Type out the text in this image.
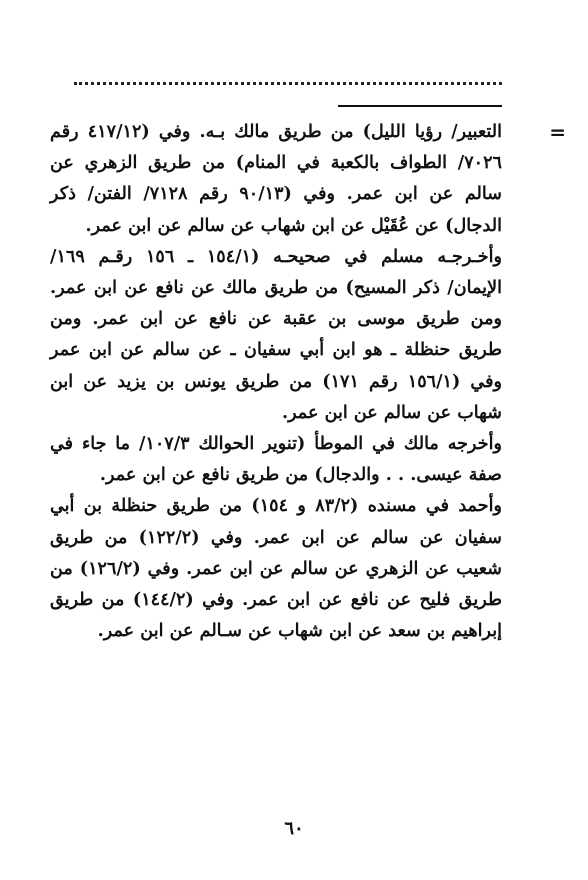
=

التعبير/ رؤيا الليل) من طريق مالك بـه. وفي (٤١٧/١٢ رقم ٧٠٢٦/ الطواف بالكعبة في المنام) من طريق الزهري عن سالم عن ابن عمر. وفي (٩٠/١٣ رقم ٧١٢٨/ الفتن/ ذكر الدجال) عن عُقَيْل عن ابن شهاب عن سالم عن ابن عمر.

وأخـرجـه مسلم في صحيحـه (١٥٤/١ ـ ١٥٦ رقـم ١٦٩/ الإيمان/ ذكر المسيح) من طريق مالك عن نافع عن ابن عمر. ومن طريق موسى بن عقبة عن نافع عن ابن عمر. ومن طريق حنظلة ـ هو ابن أبي سفيان ـ عن سالم عن ابن عمر وفي (١٥٦/١ رقم ١٧١) من طريق يونس بن يزيد عن ابن شهاب عن سالم عن ابن عمر.

وأخرجه مالك في الموطأ (تنوير الحوالك ١٠٧/٣/ ما جاء في صفة عيسى. . . والدجال) من طريق نافع عن ابن عمر.

وأحمد في مسنده (٨٣/٢ و ١٥٤) من طريق حنظلة بن أبي سفيان عن سالم عن ابن عمر. وفي (١٢٢/٢) من طريق شعيب عن الزهري عن سالم عن ابن عمر. وفي (١٢٦/٢) من طريق فليح عن نافع عن ابن عمر. وفي (١٤٤/٢) من طريق إبراهيم بن سعد عن ابن شهاب عن سـالم عن ابن عمر.

٦٠
